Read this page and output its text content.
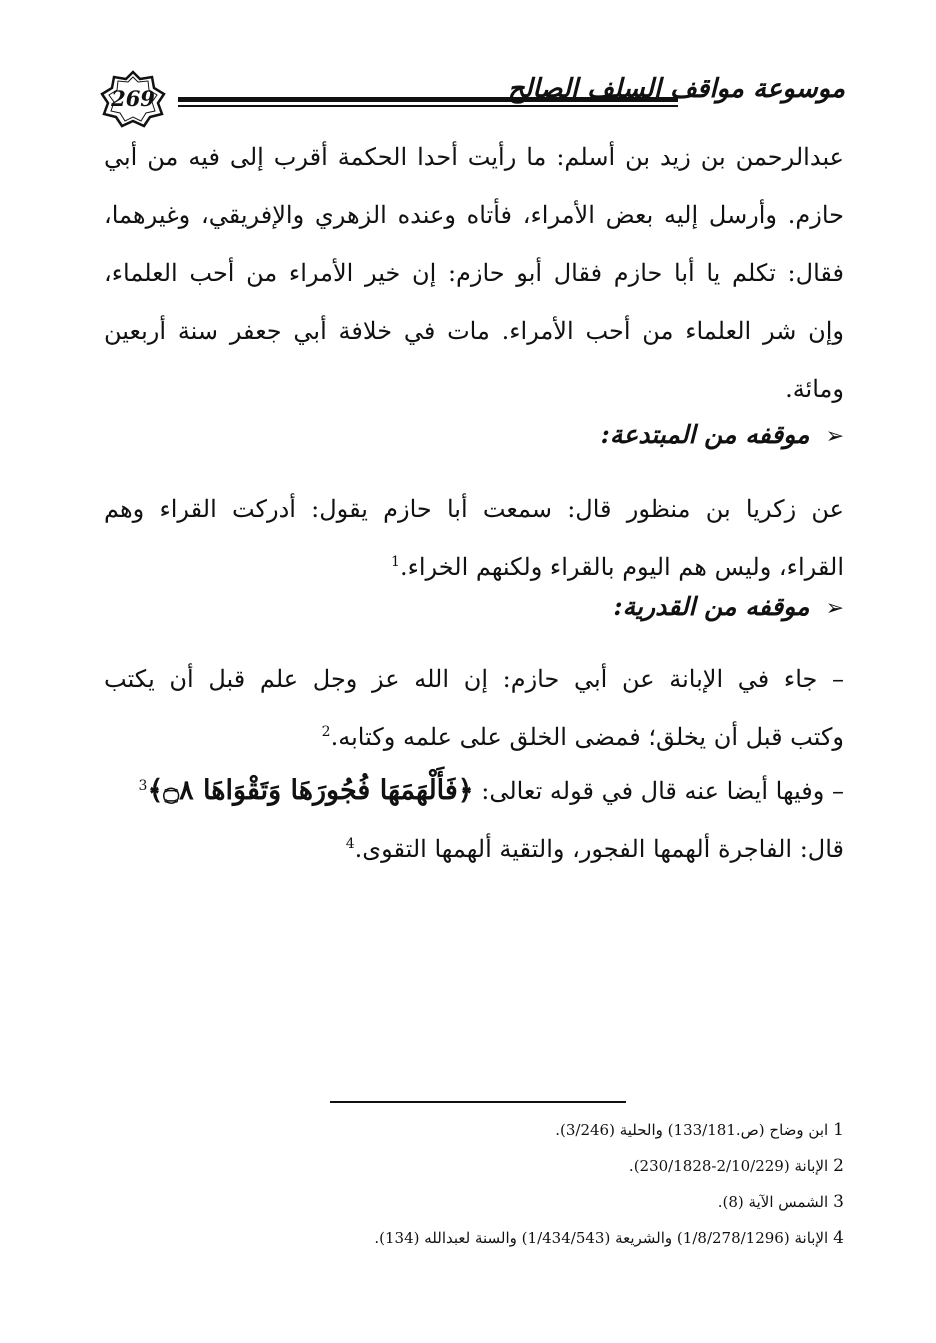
269	موسوعة مواقف السلف الصالح
عبدالرحمن بن زيد بن أسلم: ما رأيت أحدا الحكمة أقرب إلى فيه من أبي
حازم. وأرسل إليه بعض الأمراء، فأتاه وعنده الزهري والإفريقي، وغيرهما،
فقال: تكلم يا أبا حازم فقال أبو حازم: إن خير الأمراء من أحب العلماء،
وإن شر العلماء من أحب الأمراء. مات في خلافة أبي جعفر سنة أربعين
ومائة.
➢موقفه من المبتدعة:
عن زكريا بن منظور قال: سمعت أبا حازم يقول: أدركت القراء وهم
القراء، وليس هم اليوم بالقراء ولكنهم الخراء.$^1$
➢موقفه من القدرية:
– جاء في الإبانة عن أبي حازم: إن الله عز وجل علم قبل أن يكتب
وكتب قبل أن يخلق؛ فمضى الخلق على علمه وكتابه.$^2$
– وفيها أيضا عنه قال في قوله تعالى: ﴿فَأَلْهَمَهَا فُجُورَهَا وَتَقْوَاهَا ۝٨﴾$^3$
قال: الفاجرة ألهمها الفجور، والتقية ألهمها التقوى.$^4$
1ابن وضاح (ص.133/181) والحلية (3/246).
2الإبانة (2/10/229-230/1828).
3الشمس الآية (8).
4الإبانة (1/8/278/1296) والشريعة (1/434/543) والسنة لعبدالله (134).
